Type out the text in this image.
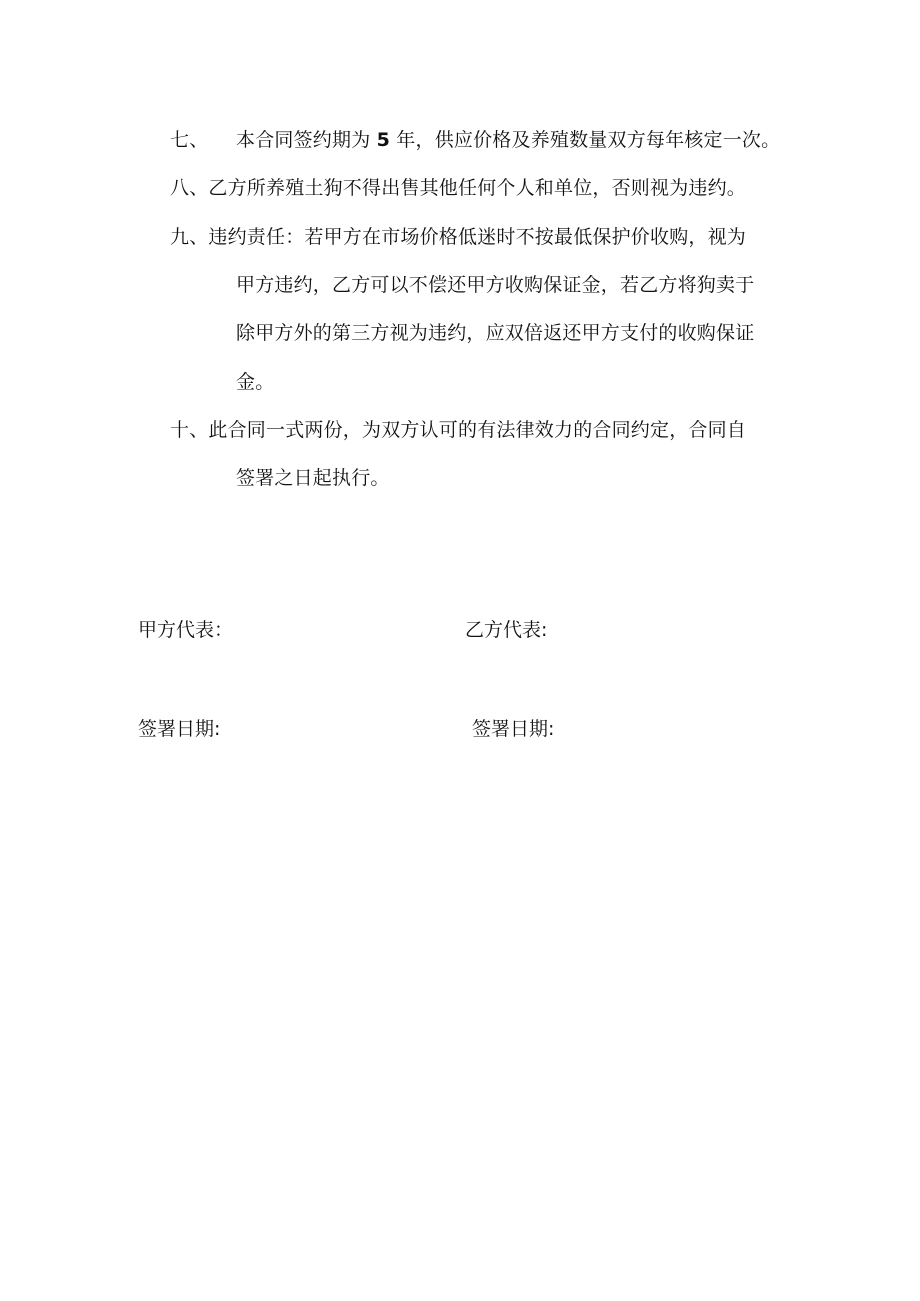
七、 本合同签约期为 5 年，供应价格及养殖数量双方每年核定一次。
八、乙方所养殖土狗不得出售其他任何个人和单位，否则视为违约。
九、违约责任：若甲方在市场价格低迷时不按最低保护价收购，视为
甲方违约，乙方可以不偿还甲方收购保证金，若乙方将狗卖于
除甲方外的第三方视为违约，应双倍返还甲方支付的收购保证
金。
十、此合同一式两份，为双方认可的有法律效力的合同约定，合同自
签署之日起执行。
甲方代表：	乙方代表:
签署日期:	签署日期:
